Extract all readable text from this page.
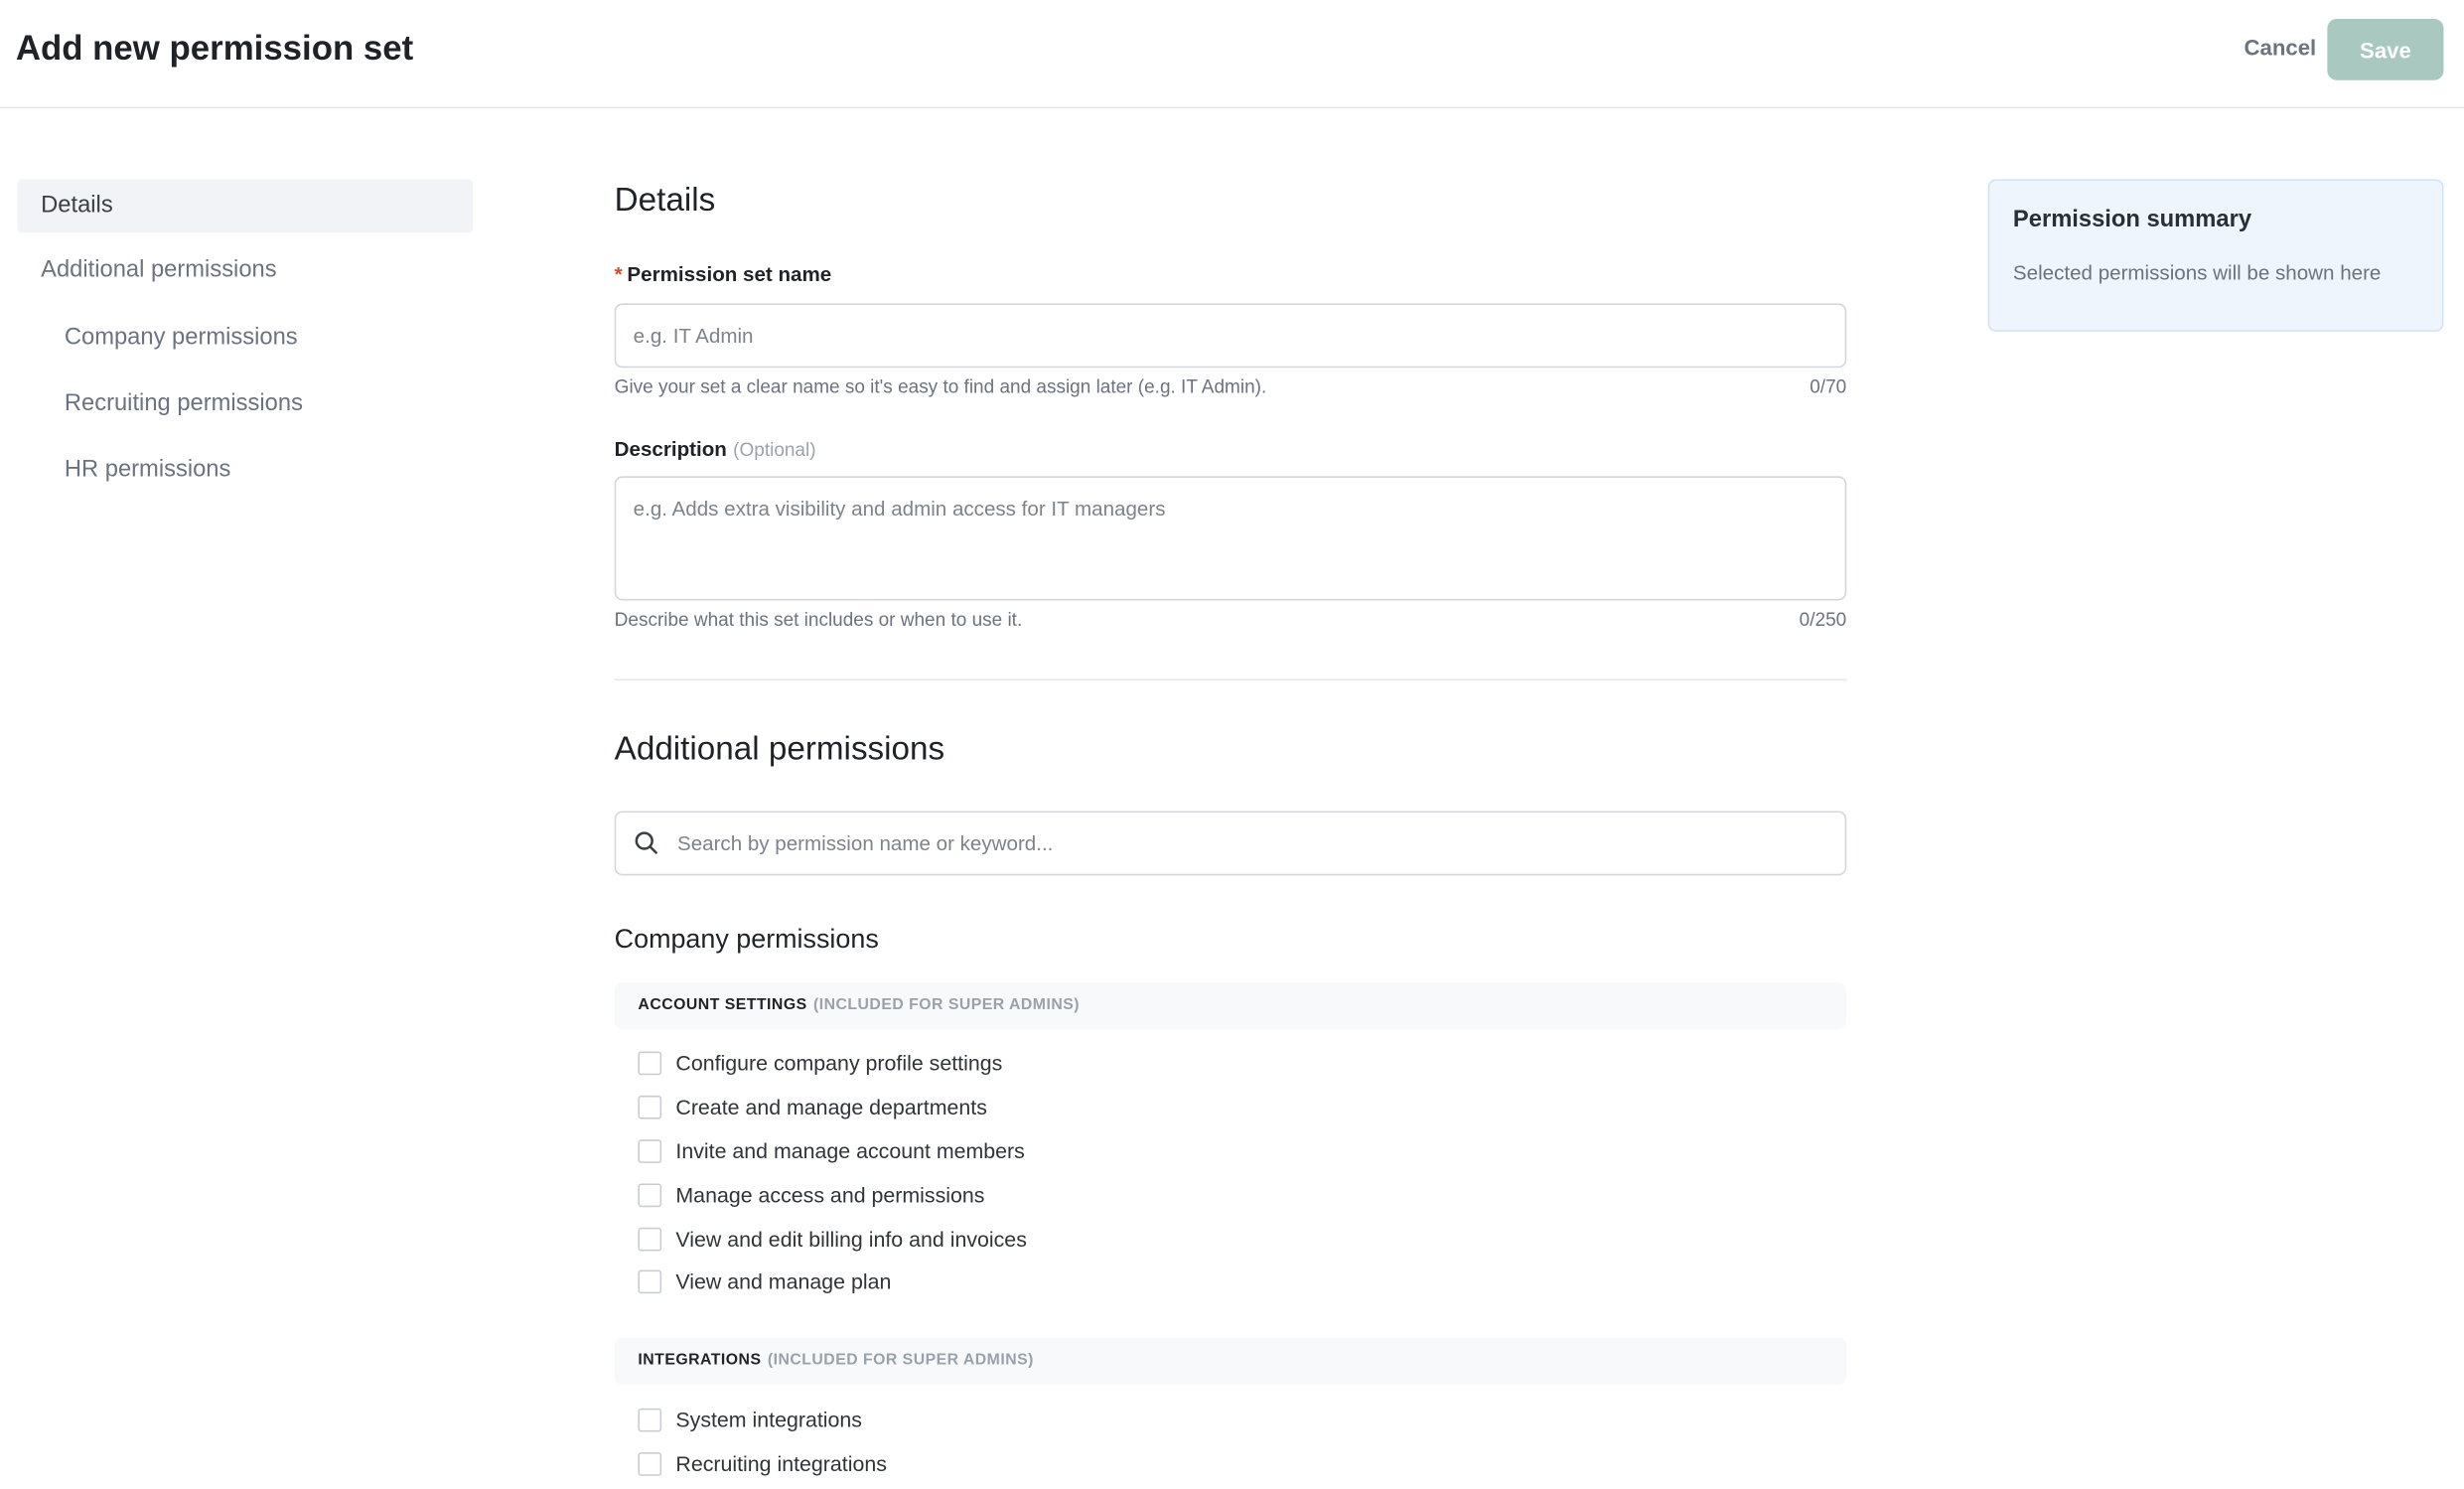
Add new permission set	Cancel	Save
Details
Additional permissions
Company permissions
Recruiting permissions
HR permissions
Details
* Permission set name
e.g. IT Admin
Give your set a clear name so it's easy to find and assign later (e.g. IT Admin).	0/70
Description (Optional)
e.g. Adds extra visibility and admin access for IT managers
Describe what this set includes or when to use it.	0/250
Additional permissions
Search by permission name or keyword...
Company permissions
ACCOUNT SETTINGS (INCLUDED FOR SUPER ADMINS)
Configure company profile settings
Create and manage departments
Invite and manage account members
Manage access and permissions
View and edit billing info and invoices
View and manage plan
INTEGRATIONS (INCLUDED FOR SUPER ADMINS)
System integrations
Recruiting integrations
Permission summary
Selected permissions will be shown here
